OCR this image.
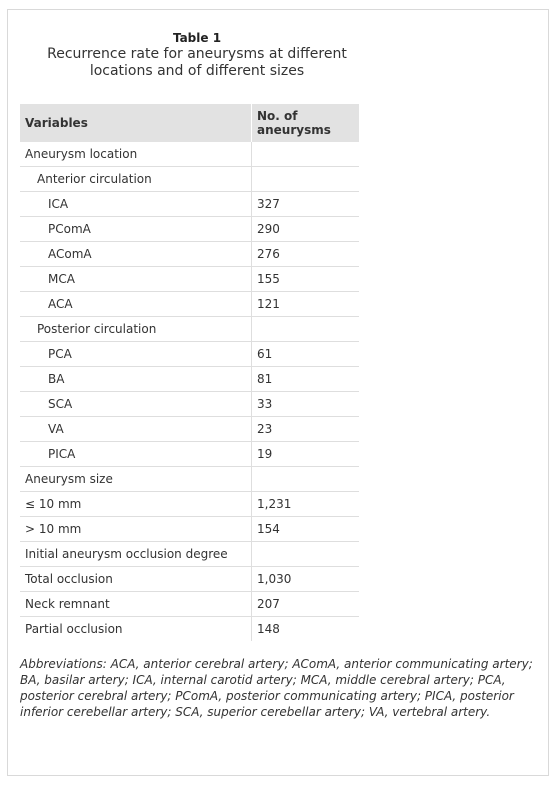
Table 1
Recurrence rate for aneurysms at different
locations and of different sizes
Variables	No. of aneurysms
Aneurysm location	
Anterior circulation	
ICA	327
PComA	290
AComA	276
MCA	155
ACA	121
Posterior circulation	
PCA	61
BA	81
SCA	33
VA	23
PICA	19
Aneurysm size	
≤ 10 mm	1,231
> 10 mm	154
Initial aneurysm occlusion degree	
Total occlusion	1,030
Neck remnant	207
Partial occlusion	148

Abbreviations: ACA, anterior cerebral artery; AComA, anterior communicating artery; BA, basilar artery; ICA, internal carotid artery; MCA, middle cerebral artery; PCA, posterior cerebral artery; PComA, posterior communicating artery; PICA, posterior inferior cerebellar artery; SCA, superior cerebellar artery; VA, vertebral artery.
